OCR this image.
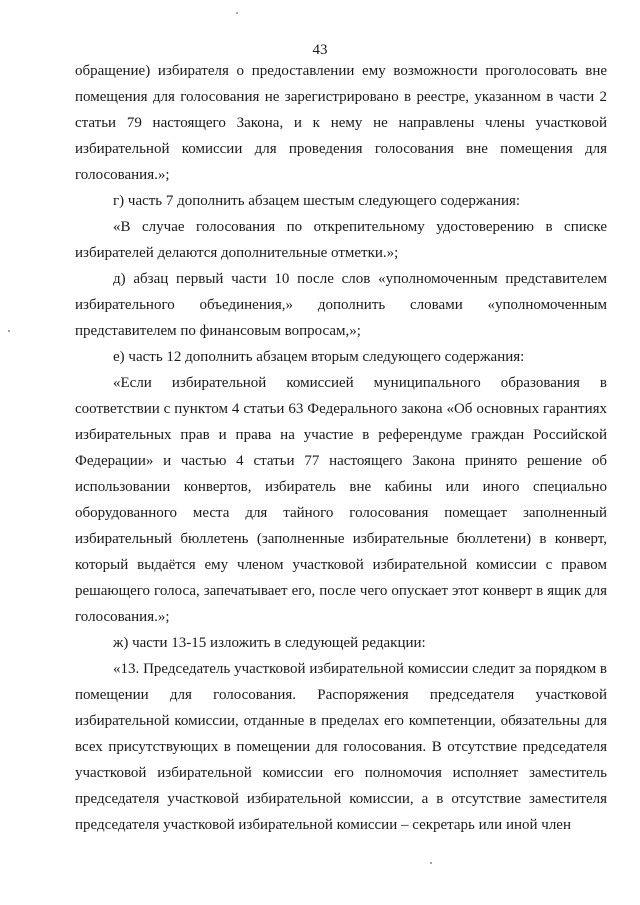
43

обращение) избирателя о предоставлении ему возможности проголосовать вне помещения для голосования не зарегистрировано в реестре, указанном в части 2 статьи 79 настоящего Закона, и к нему не направлены члены участковой избирательной комиссии для проведения голосования вне помещения для голосования.»;

г) часть 7 дополнить абзацем шестым следующего содержания:

«В случае голосования по открепительному удостоверению в списке избирателей делаются дополнительные отметки.»;

д) абзац первый части 10 после слов «уполномоченным представителем избирательного объединения,» дополнить словами «уполномоченным представителем по финансовым вопросам,»;

е) часть 12 дополнить абзацем вторым следующего содержания:

«Если избирательной комиссией муниципального образования в соответствии с пунктом 4 статьи 63 Федерального закона «Об основных гарантиях избирательных прав и права на участие в референдуме граждан Российской Федерации» и частью 4 статьи 77 настоящего Закона принято решение об использовании конвертов, избиратель вне кабины или иного специально оборудованного места для тайного голосования помещает заполненный избирательный бюллетень (заполненные избирательные бюллетени) в конверт, который выдаётся ему членом участковой избирательной комиссии с правом решающего голоса, запечатывает его, после чего опускает этот конверт в ящик для голосования.»;

ж) части 13-15 изложить в следующей редакции:

«13. Председатель участковой избирательной комиссии следит за порядком в помещении для голосования. Распоряжения председателя участковой избирательной комиссии, отданные в пределах его компетенции, обязательны для всех присутствующих в помещении для голосования. В отсутствие председателя участковой избирательной комиссии его полномочия исполняет заместитель председателя участковой избирательной комиссии, а в отсутствие заместителя председателя участковой избирательной комиссии – секретарь или иной член
